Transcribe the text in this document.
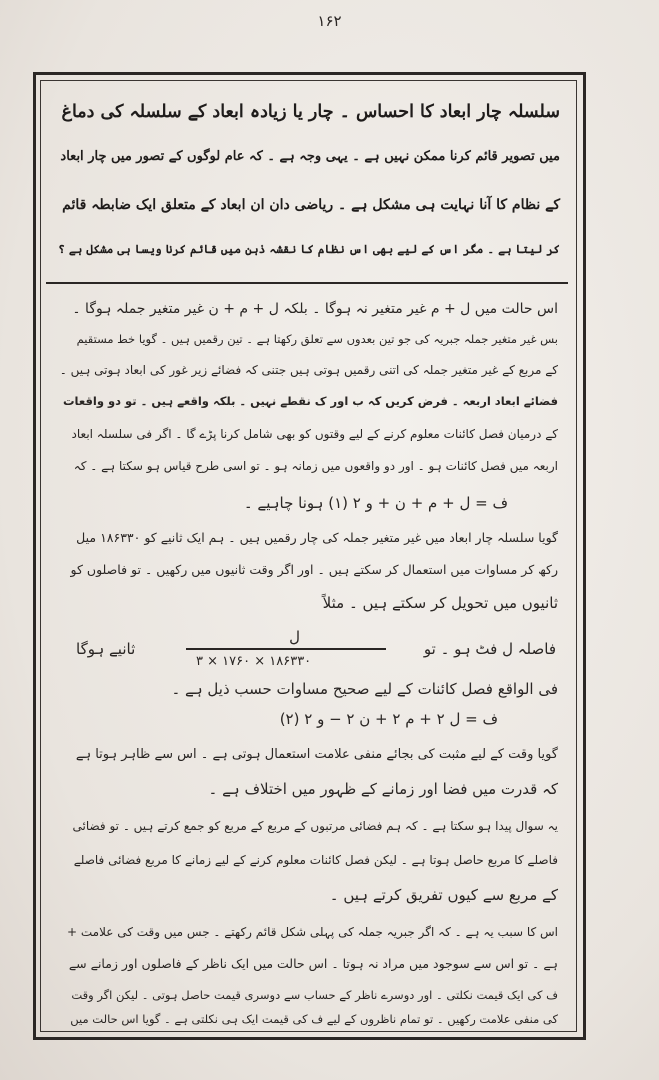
۱۶۲
سلسلہ چار ابعاد کا احساس ۔ چار یا زیادہ ابعاد کے سلسلہ کی دماغ
میں تصویر قائم کرنا ممکن نہیں ہے ۔ یہی وجہ ہے ۔ کہ عام لوگوں کے تصور میں چار ابعاد
کے نظام کا آنا نہایت ہی مشکل ہے ۔ ریاضی دان ان ابعاد کے متعلق ایک ضابطہ قائم
کر لیتا ہے ۔ مگر اس کے لیے بھی اس نظام کا نقشہ ذہن میں قائم کرنا ویسا ہی مشکل ہے ؟
اس حالت میں ل + م غیر متغیر نہ ہوگا ۔ بلکہ ل + م + ن غیر متغیر جملہ ہوگا ۔
بس غیر متغیر جملہ جبریہ کی جو تین بعدوں سے تعلق رکھتا ہے ۔ تین رقمیں ہیں ۔ گویا خط مستقیم
کے مربع کے غیر متغیر جملہ کی اتنی رقمیں ہوتی ہیں جتنی کہ فضائے زیر غور کی ابعاد ہوتی ہیں ۔
فضائے ابعاد اربعہ ۔ فرض کریں کہ ب اور ک نقطے نہیں ۔ بلکہ واقعے ہیں ۔ تو دو واقعات
کے درمیان فصل کائنات معلوم کرنے کے لیے وقتوں کو بھی شامل کرنا پڑے گا ۔ اگر فی سلسلہ ابعاد
اربعہ میں فصل کائنات ہو ۔ اور دو واقعوں میں زمانہ ہو ۔ تو اسی طرح قیاس ہو سکتا ہے ۔ کہ
ف = ل + م + ن + و ۲ (۱) ہونا چاہیے ۔
گویا سلسلہ چار ابعاد میں غیر متغیر جملہ کی چار رقمیں ہیں ۔ ہم ایک ثانیے کو ۱۸۶۳۳۰ میل
رکھ کر مساوات میں استعمال کر سکتے ہیں ۔ اور اگر وقت ثانیوں میں رکھیں ۔ تو فاصلوں کو
ثانیوں میں تحویل کر سکتے ہیں ۔ مثلاً
فاصلہ ل فٹ ہو ۔ تو
ل
۱۸۶۳۳۰ × ۱۷۶۰ × ۳
ثانیے ہوگا
فی الواقع فصل کائنات کے لیے صحیح مساوات حسب ذیل ہے ۔
ف = ل ۲ + م ۲ + ن ۲ − و ۲ (۲)
گویا وقت کے لیے مثبت کی بجائے منفی علامت استعمال ہوتی ہے ۔ اس سے ظاہر ہوتا ہے
کہ قدرت میں فضا اور زمانے کے ظہور میں اختلاف ہے ۔
یہ سوال پیدا ہو سکتا ہے ۔ کہ ہم فضائی مرتبوں کے مربع کے مربع کو جمع کرتے ہیں ۔ تو فضائی
فاصلے کا مربع حاصل ہوتا ہے ۔ لیکن فصل کائنات معلوم کرنے کے لیے زمانے کا مربع فضائی فاصلے
کے مربع سے کیوں تفریق کرتے ہیں ۔
اس کا سبب یہ ہے ۔ کہ اگر جبریہ جملہ کی پہلی شکل قائم رکھتے ۔ جس میں وقت کی علامت +
ہے ۔ تو اس سے سوجود میں مراد نہ ہوتا ۔ اس حالت میں ایک ناظر کے فاصلوں اور زمانے سے
ف کی ایک قیمت نکلتی ۔ اور دوسرے ناظر کے حساب سے دوسری قیمت حاصل ہوتی ۔ لیکن اگر وقت
کی منفی علامت رکھیں ۔ تو تمام ناظروں کے لیے ف کی قیمت ایک ہی نکلتی ہے ۔ گویا اس حالت میں
